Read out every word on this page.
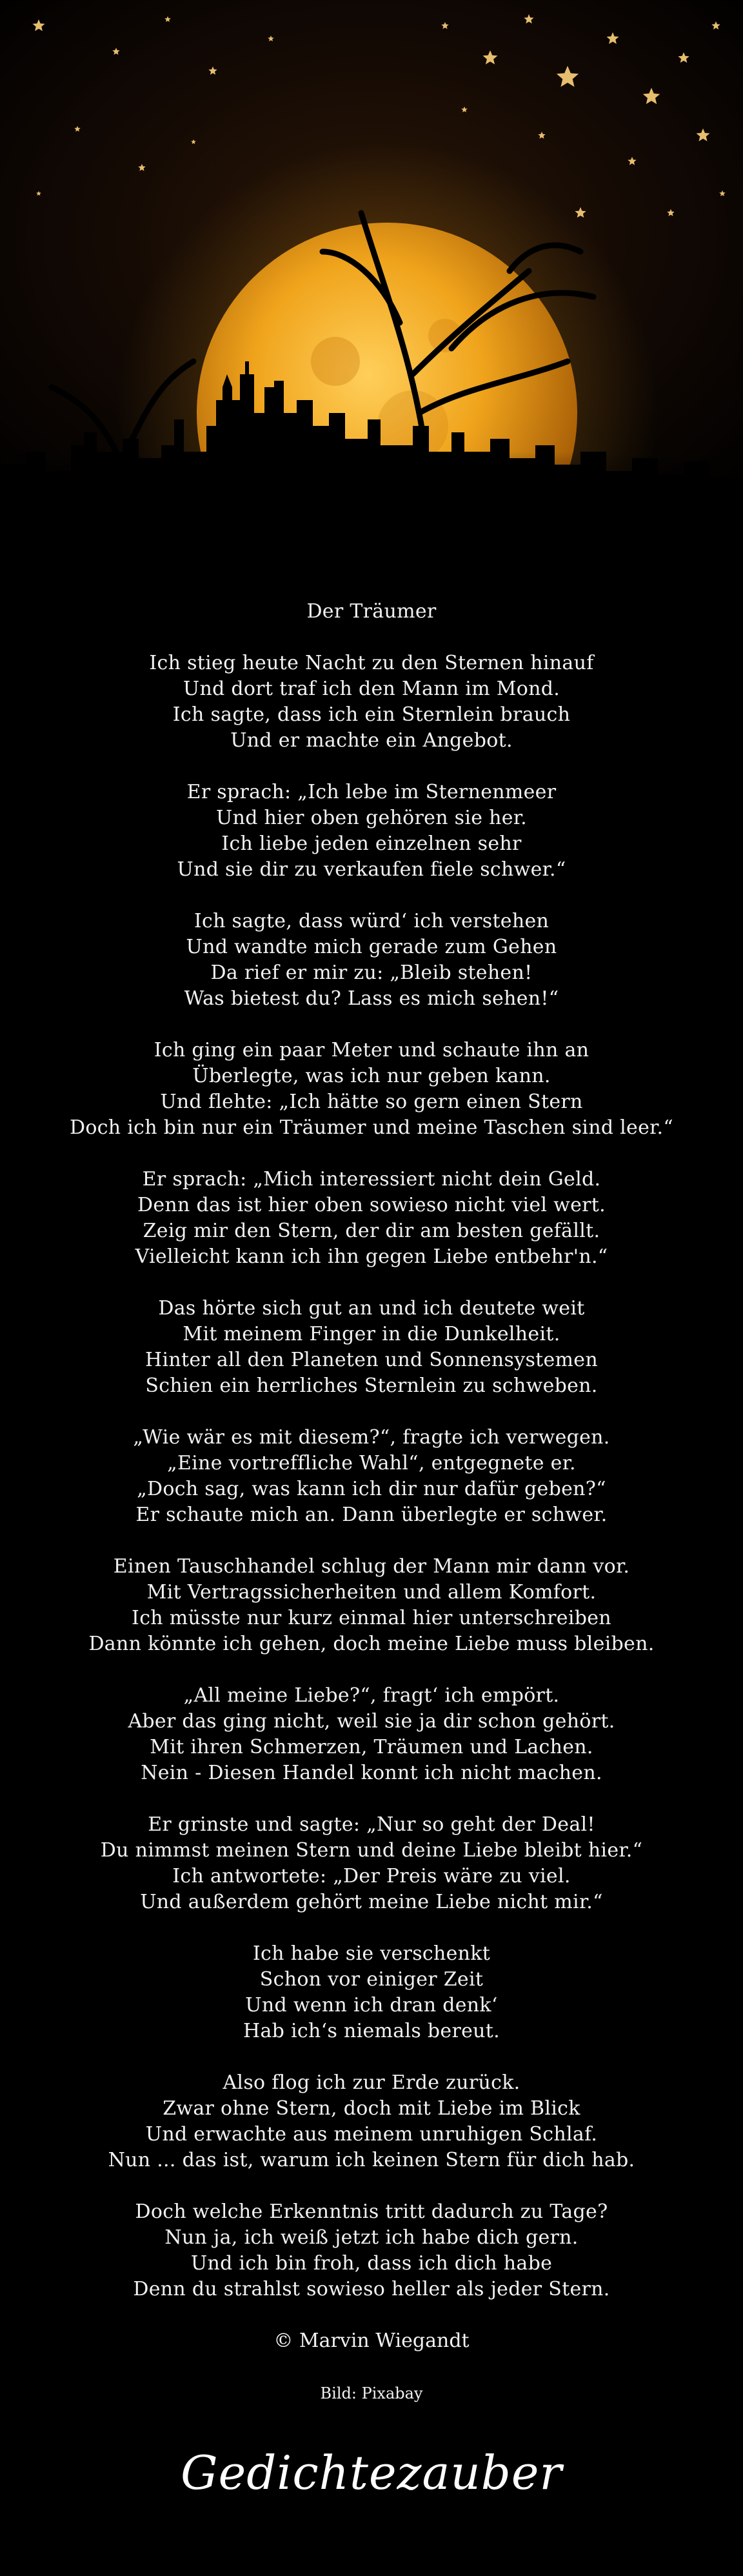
Der Träumer
Ich stieg heute Nacht zu den Sternen hinauf
Und dort traf ich den Mann im Mond.
Ich sagte, dass ich ein Sternlein brauch
Und er machte ein Angebot.
Er sprach: „Ich lebe im Sternenmeer
Und hier oben gehören sie her.
Ich liebe jeden einzelnen sehr
Und sie dir zu verkaufen fiele schwer.“
Ich sagte, dass würd‘ ich verstehen
Und wandte mich gerade zum Gehen
Da rief er mir zu: „Bleib stehen!
Was bietest du? Lass es mich sehen!“
Ich ging ein paar Meter und schaute ihn an
Überlegte, was ich nur geben kann.
Und flehte: „Ich hätte so gern einen Stern
Doch ich bin nur ein Träumer und meine Taschen sind leer.“
Er sprach: „Mich interessiert nicht dein Geld.
Denn das ist hier oben sowieso nicht viel wert.
Zeig mir den Stern, der dir am besten gefällt.
Vielleicht kann ich ihn gegen Liebe entbehr'n.“
Das hörte sich gut an und ich deutete weit
Mit meinem Finger in die Dunkelheit.
Hinter all den Planeten und Sonnensystemen
Schien ein herrliches Sternlein zu schweben.
„Wie wär es mit diesem?“, fragte ich verwegen.
„Eine vortreffliche Wahl“, entgegnete er.
„Doch sag, was kann ich dir nur dafür geben?“
Er schaute mich an. Dann überlegte er schwer.
Einen Tauschhandel schlug der Mann mir dann vor.
Mit Vertragssicherheiten und allem Komfort.
Ich müsste nur kurz einmal hier unterschreiben
Dann könnte ich gehen, doch meine Liebe muss bleiben.
„All meine Liebe?“, fragt‘ ich empört.
Aber das ging nicht, weil sie ja dir schon gehört.
Mit ihren Schmerzen, Träumen und Lachen.
Nein - Diesen Handel konnt ich nicht machen.
Er grinste und sagte: „Nur so geht der Deal!
Du nimmst meinen Stern und deine Liebe bleibt hier.“
Ich antwortete: „Der Preis wäre zu viel.
Und außerdem gehört meine Liebe nicht mir.“
Ich habe sie verschenkt
Schon vor einiger Zeit
Und wenn ich dran denk‘
Hab ich‘s niemals bereut.
Also flog ich zur Erde zurück.
Zwar ohne Stern, doch mit Liebe im Blick
Und erwachte aus meinem unruhigen Schlaf.
Nun ... das ist, warum ich keinen Stern für dich hab.
Doch welche Erkenntnis tritt dadurch zu Tage?
Nun ja, ich weiß jetzt ich habe dich gern.
Und ich bin froh, dass ich dich habe
Denn du strahlst sowieso heller als jeder Stern.
© Marvin Wiegandt
Bild: Pixabay
Gedichtezauber
